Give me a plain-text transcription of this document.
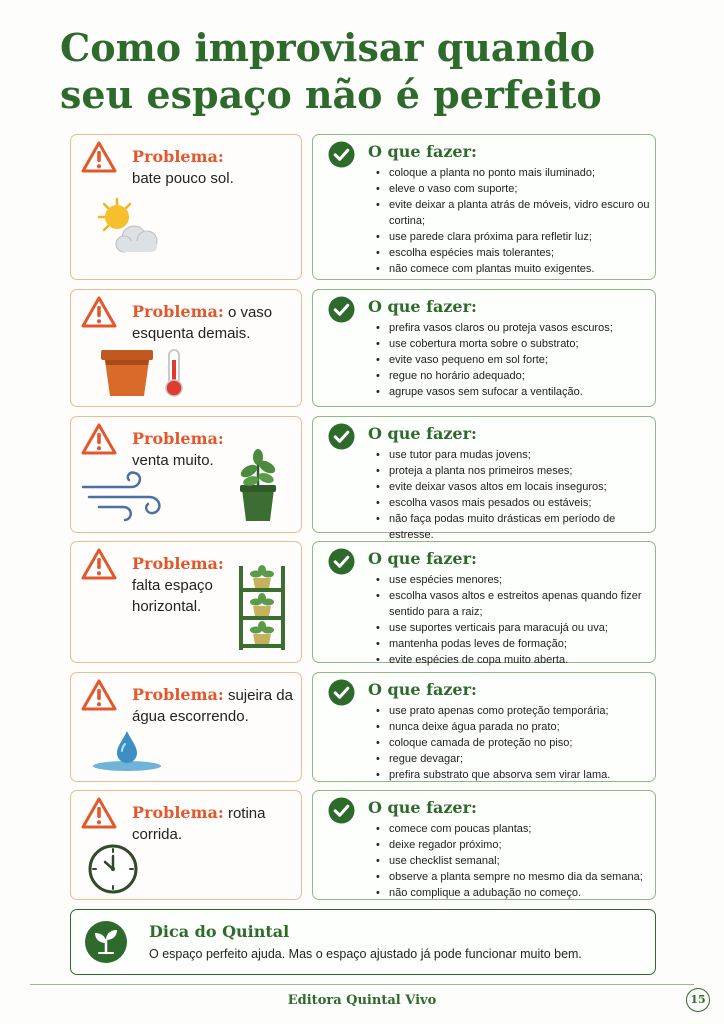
Como improvisar quando seu espaço não é perfeito
Problema:
bate pouco sol.
O que fazer:
• coloque a planta no ponto mais iluminado;
• eleve o vaso com suporte;
• evite deixar a planta atrás de móveis, vidro escuro ou cortina;
• use parede clara próxima para refletir luz;
• escolha espécies mais tolerantes;
• não comece com plantas muito exigentes.
Problema: o vaso esquenta demais.
O que fazer:
• prefira vasos claros ou proteja vasos escuros;
• use cobertura morta sobre o substrato;
• evite vaso pequeno em sol forte;
• regue no horário adequado;
• agrupe vasos sem sufocar a ventilação.
Problema:
venta muito.
O que fazer:
• use tutor para mudas jovens;
• proteja a planta nos primeiros meses;
• evite deixar vasos altos em locais inseguros;
• escolha vasos mais pesados ou estáveis;
• não faça podas muito drásticas em período de estresse.
Problema:
falta espaço horizontal.
O que fazer:
• use espécies menores;
• escolha vasos altos e estreitos apenas quando fizer sentido para a raiz;
• use suportes verticais para maracujá ou uva;
• mantenha podas leves de formação;
• evite espécies de copa muito aberta.
Problema: sujeira da água escorrendo.
O que fazer:
• use prato apenas como proteção temporária;
• nunca deixe água parada no prato;
• coloque camada de proteção no piso;
• regue devagar;
• prefira substrato que absorva sem virar lama.
Problema: rotina corrida.
O que fazer:
• comece com poucas plantas;
• deixe regador próximo;
• use checklist semanal;
• observe a planta sempre no mesmo dia da semana;
• não complique a adubação no começo.
Dica do Quintal
O espaço perfeito ajuda. Mas o espaço ajustado já pode funcionar muito bem.
Editora Quintal Vivo	15
